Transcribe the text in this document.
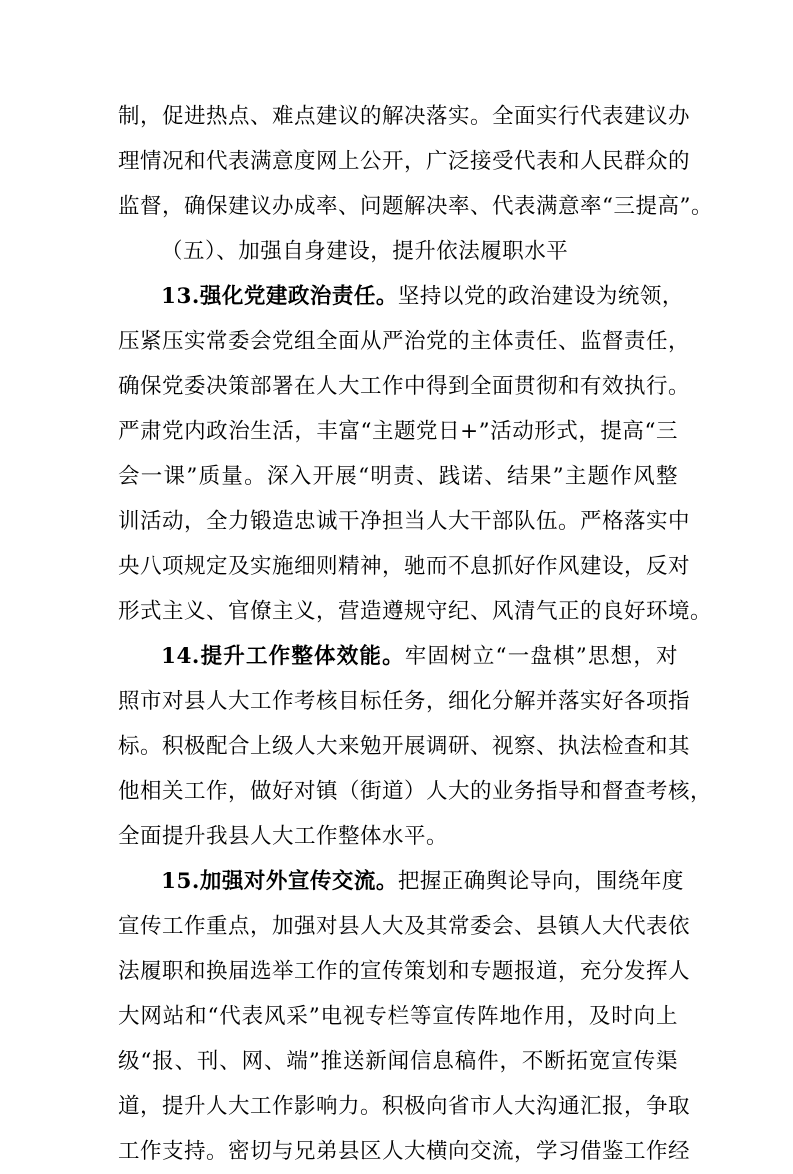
制，促进热点、难点建议的解决落实。全面实行代表建议办
理情况和代表满意度网上公开，广泛接受代表和人民群众的
监督，确保建议办成率、问题解决率、代表满意率“三提高”。
（五）、加强自身建设，提升依法履职水平
13.强化党建政治责任。坚持以党的政治建设为统领，
压紧压实常委会党组全面从严治党的主体责任、监督责任，
确保党委决策部署在人大工作中得到全面贯彻和有效执行。
严肃党内政治生活，丰富“主题党日+”活动形式，提高“三
会一课”质量。深入开展“明责、践诺、结果”主题作风整
训活动，全力锻造忠诚干净担当人大干部队伍。严格落实中
央八项规定及实施细则精神，驰而不息抓好作风建设，反对
形式主义、官僚主义，营造遵规守纪、风清气正的良好环境。
14.提升工作整体效能。牢固树立“一盘棋”思想，对
照市对县人大工作考核目标任务，细化分解并落实好各项指
标。积极配合上级人大来勉开展调研、视察、执法检查和其
他相关工作，做好对镇（街道）人大的业务指导和督查考核，
全面提升我县人大工作整体水平。
15.加强对外宣传交流。把握正确舆论导向，围绕年度
宣传工作重点，加强对县人大及其常委会、县镇人大代表依
法履职和换届选举工作的宣传策划和专题报道，充分发挥人
大网站和“代表风采”电视专栏等宣传阵地作用，及时向上
级“报、刊、网、端”推送新闻信息稿件，不断拓宽宣传渠
道，提升人大工作影响力。积极向省市人大沟通汇报，争取
工作支持。密切与兄弟县区人大横向交流，学习借鉴工作经
